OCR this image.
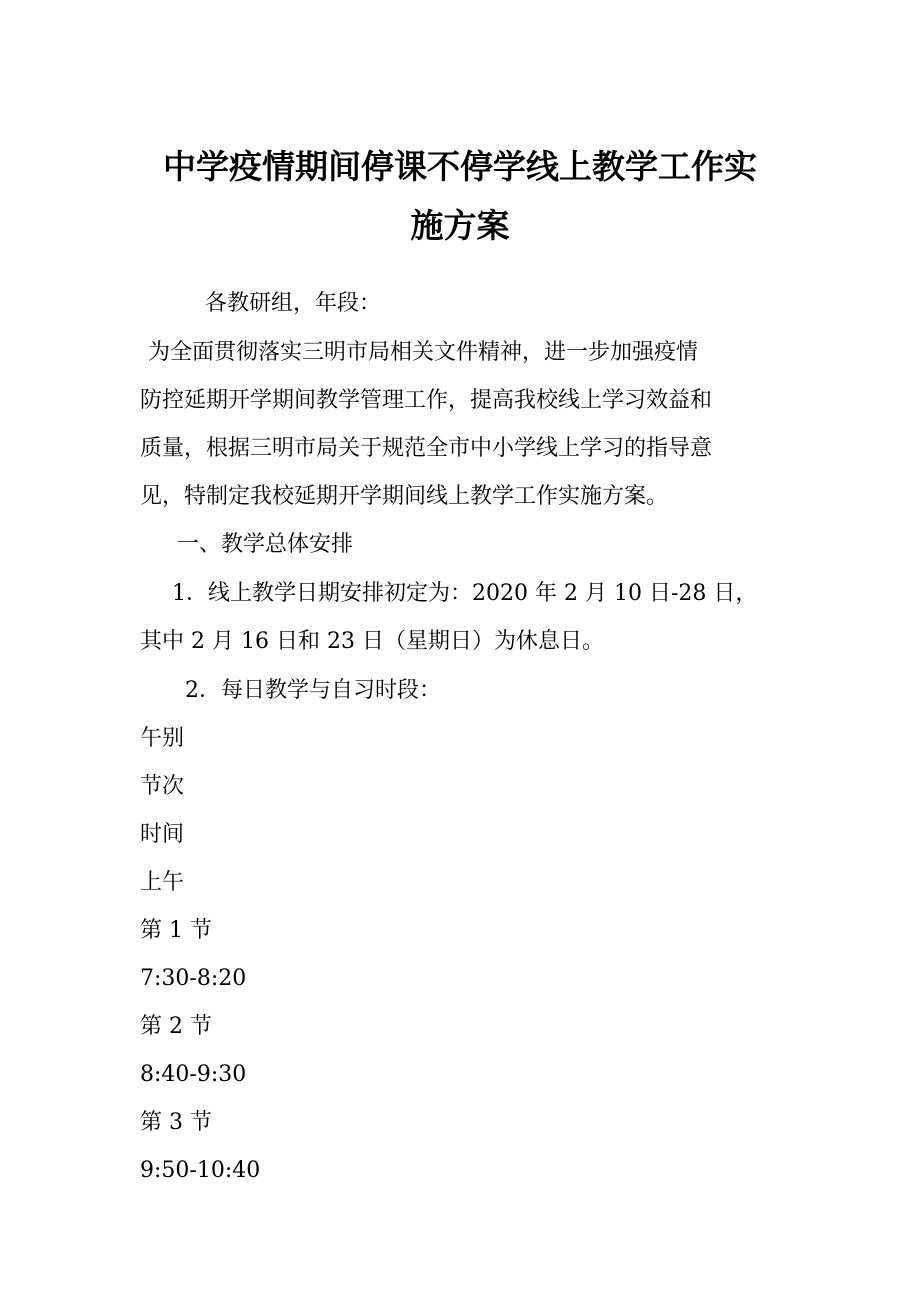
中学疫情期间停课不停学线上教学工作实
施方案
各教研组，年段：
为全面贯彻落实三明市局相关文件精神，进一步加强疫情
防控延期开学期间教学管理工作，提高我校线上学习效益和
质量，根据三明市局关于规范全市中小学线上学习的指导意
见，特制定我校延期开学期间线上教学工作实施方案。
一、教学总体安排
1．线上教学日期安排初定为：2020 年 2 月 10 日-28 日，
其中 2 月 16 日和 23 日（星期日）为休息日。
2．每日教学与自习时段：
午别
节次
时间
上午
第 1 节
7:30-8:20
第 2 节
8:40-9:30
第 3 节
9:50-10:40
